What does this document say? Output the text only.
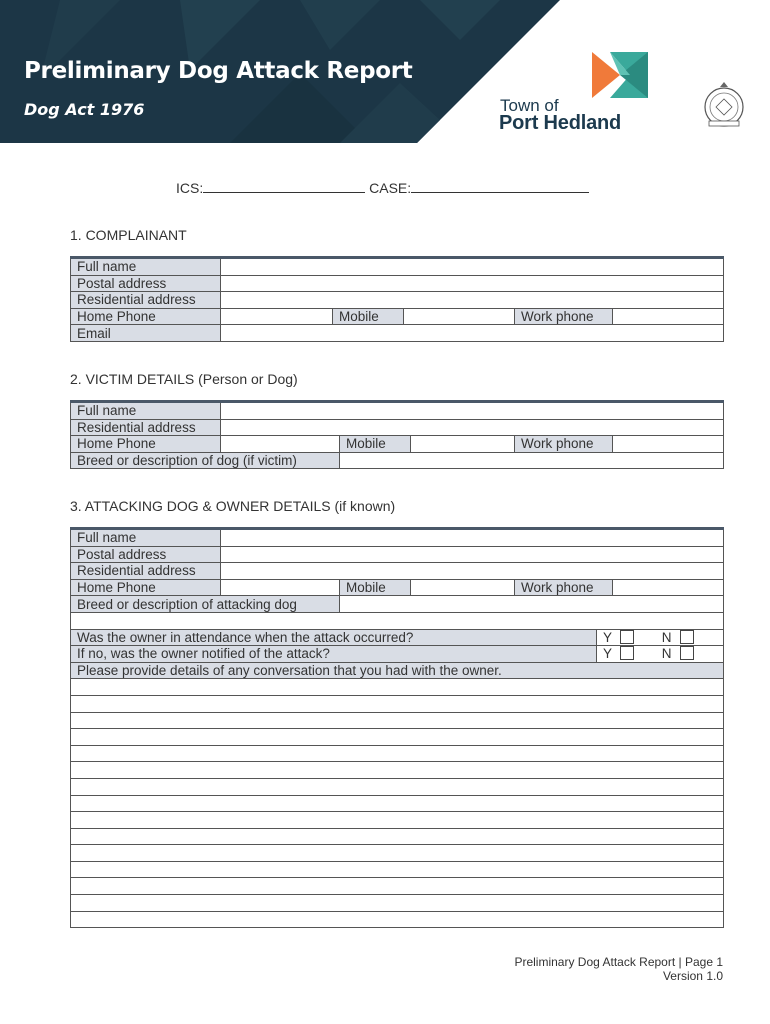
Preliminary Dog Attack Report
Dog Act 1976	Town of
Port Hedland
ICS:	CASE:
1. COMPLAINANT
Full name					
Postal address					
Residential address					
Home Phone		Mobile		Work phone	
Email					
2. VICTIM DETAILS (Person or Dog)
Full name					
Residential address					
Home Phone		Mobile		Work phone	
Breed or description of dog (if victim)					
3. ATTACKING DOG & OWNER DETAILS (if known)
Full name						
Postal address						
Residential address						
Home Phone		Mobile		Work phone		
Breed or description of attacking dog						

Was the owner in attendance when the attack occurred?					Y N	
If no, was the owner notified of the attack?					Y N	
Please provide details of any conversation that you had with the owner.						

Preliminary Dog Attack Report | Page 1
Version 1.0
